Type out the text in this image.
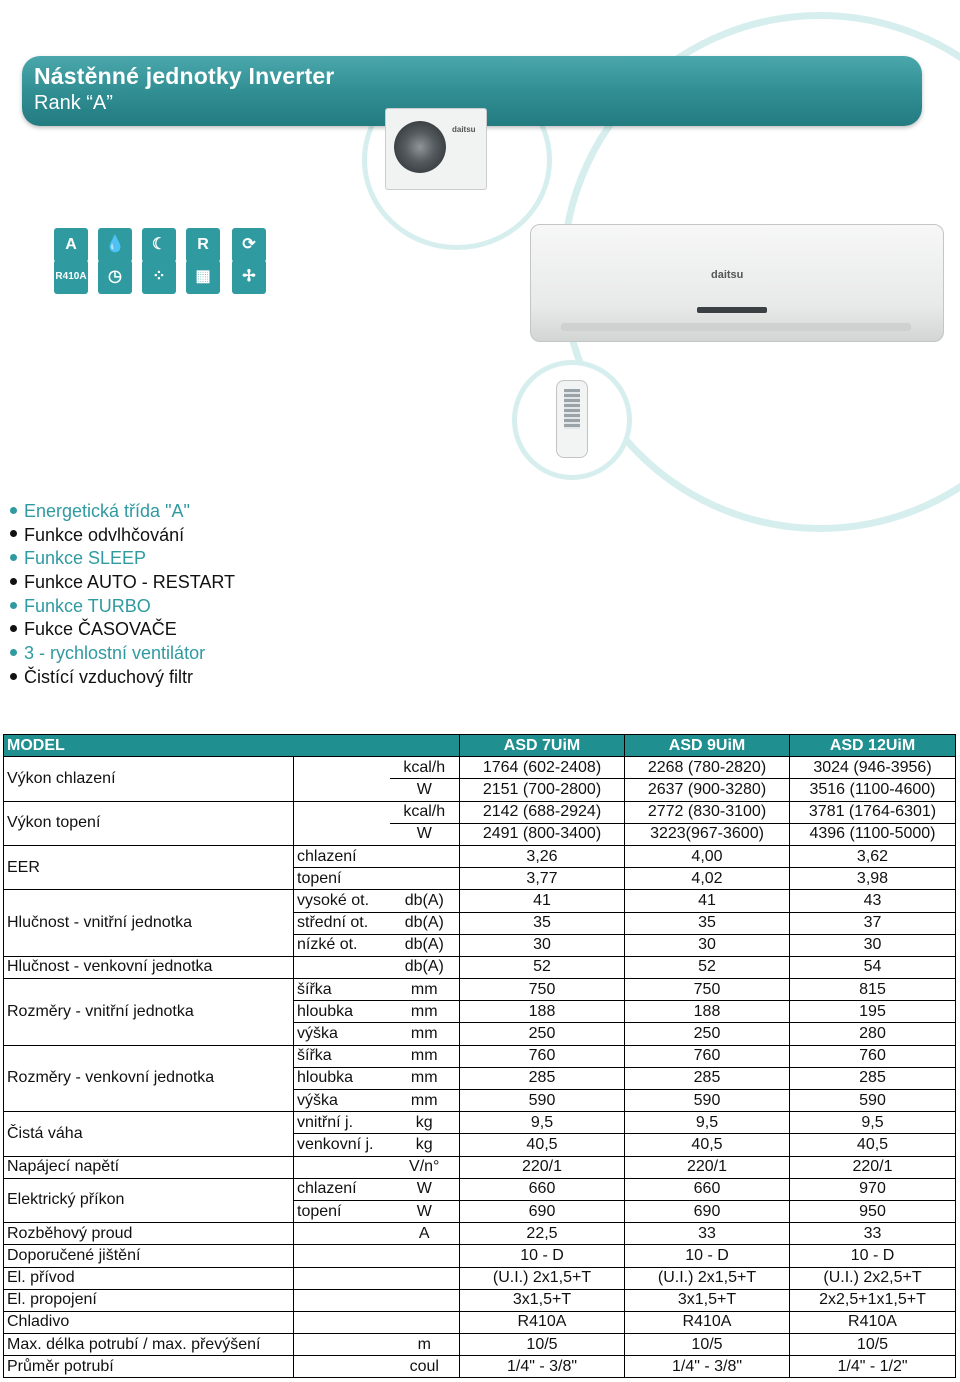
Nástěnné jednotky Inverter
Rank “A”
daitsu
daitsu
A	💧	☾	R	⟳
R410A	◷	⁘	▦	✢
Energetická třída "A"
Funkce odvlhčování
Funkce SLEEP
Funkce AUTO - RESTART
Funkce TURBO
Fukce ČASOVAČE
3 - rychlostní ventilátor
Čistící vzduchový filtr
MODEL			ASD 7UiM	ASD 9UiM	ASD 12UiM
Výkon chlazení		kcal/h	1764 (602-2408)	2268 (780-2820)	3024 (946-3956)
		W	2151 (700-2800)	2637 (900-3280)	3516 (1100-4600)
Výkon topení		kcal/h	2142 (688-2924)	2772 (830-3100)	3781 (1764-6301)
		W	2491 (800-3400)	3223(967-3600)	4396 (1100-5000)
EER	chlazení		3,26	4,00	3,62
	topení		3,77	4,02	3,98
Hlučnost - vnitřní jednotka	vysoké ot.	db(A)	41	41	43
	střední ot.	db(A)	35	35	37
	nízké ot.	db(A)	30	30	30
Hlučnost - venkovní jednotka		db(A)	52	52	54
Rozměry - vnitřní jednotka	šířka	mm	750	750	815
	hloubka	mm	188	188	195
	výška	mm	250	250	280
Rozměry - venkovní jednotka	šířka	mm	760	760	760
	hloubka	mm	285	285	285
	výška	mm	590	590	590
Čistá váha	vnitřní j.	kg	9,5	9,5	9,5
	venkovní j.	kg	40,5	40,5	40,5
Napájecí napětí		V/n°	220/1	220/1	220/1
Elektrický příkon	chlazení	W	660	660	970
	topení	W	690	690	950
Rozběhový proud		A	22,5	33	33
Doporučené jištění			10 - D	10 - D	10 - D
El. přívod			(U.I.) 2x1,5+T	(U.I.) 2x1,5+T	(U.I.) 2x2,5+T
El. propojení			3x1,5+T	3x1,5+T	2x2,5+1x1,5+T
Chladivo			R410A	R410A	R410A
Max. délka potrubí / max. převýšení		m	10/5	10/5	10/5
Průměr potrubí		coul	1/4" - 3/8"	1/4" - 3/8"	1/4" - 1/2"
